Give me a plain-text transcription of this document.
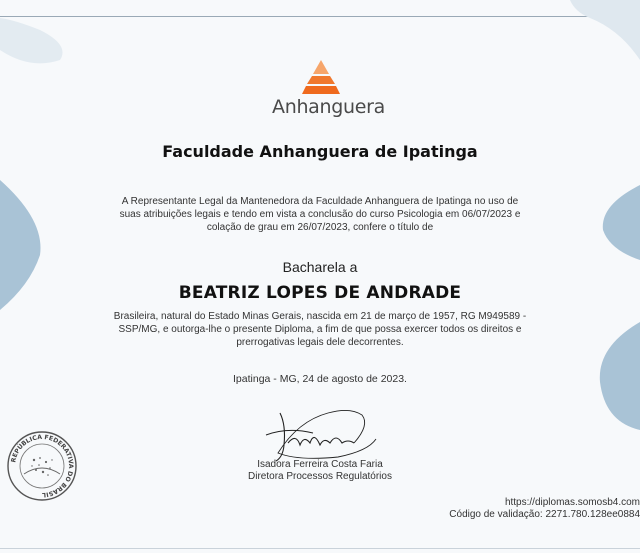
Anhanguera
Faculdade Anhanguera de Ipatinga
A Representante Legal da Mantenedora da Faculdade Anhanguera de Ipatinga no uso de
suas atribuições legais e tendo em vista a conclusão do curso Psicologia em 06/07/2023 e
colação de grau em 26/07/2023, confere o título de
Bacharela a
BEATRIZ LOPES DE ANDRADE
Brasileira, natural do Estado Minas Gerais, nascida em 21 de março de 1957, RG M949589 -
SSP/MG, e outorga-lhe o presente Diploma, a fim de que possa exercer todos os direitos e
prerrogativas legais dele decorrentes.
Ipatinga - MG, 24 de agosto de 2023.
Isadora Ferreira Costa Faria
Diretora Processos Regulatórios
REPÚBLICA FEDERATIVA DO BRASIL
https://diplomas.somosb4.com
Código de validação: 2271.780.128ee0884
